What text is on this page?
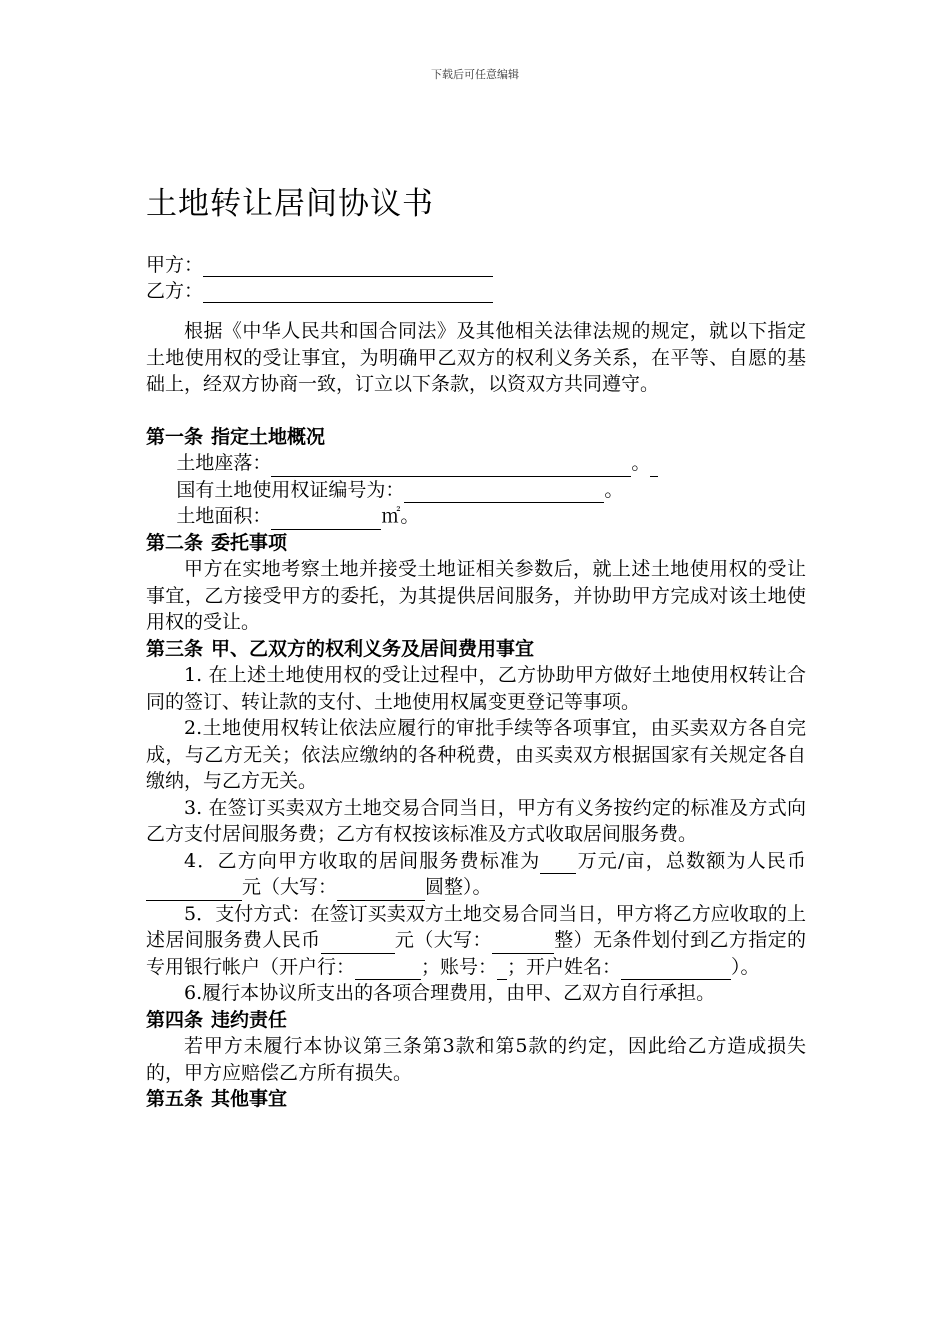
下载后可任意编辑
土地转让居间协议书
甲方：
乙方：

根据《中华人民共和国合同法》及其他相关法律法规的规定，就以下指定土地使用权的受让事宜，为明确甲乙双方的权利义务关系，在平等、自愿的基础上，经双方协商一致，订立以下条款，以资双方共同遵守。

第一条 指定土地概况

土地座落：	。

国有土地使用权证编号为：	。

土地面积：	㎡。

第二条 委托事项

甲方在实地考察土地并接受土地证相关参数后，就上述土地使用权的受让事宜，乙方接受甲方的委托，为其提供居间服务，并协助甲方完成对该土地使用权的受让。

第三条 甲、乙双方的权利义务及居间费用事宜

1. 在上述土地使用权的受让过程中，乙方协助甲方做好土地使用权转让合同的签订、转让款的支付、土地使用权属变更登记等事项。

2.土地使用权转让依法应履行的审批手续等各项事宜，由买卖双方各自完成，与乙方无关；依法应缴纳的各种税费，由买卖双方根据国家有关规定各自缴纳，与乙方无关。

3. 在签订买卖双方土地交易合同当日，甲方有义务按约定的标准及方式向乙方支付居间服务费；乙方有权按该标准及方式收取居间服务费。

4．乙方向甲方收取的居间服务费标准为 万元/亩，总数额为人民币元（大写：	圆整）。

5．支付方式：在签订买卖双方土地交易合同当日，甲方将乙方应收取的上述居间服务费人民币	元（大写：	整）无条件划付到乙方指定的专用银行帐户（开户行：	；账号： ；开户姓名：	）。

6.履行本协议所支出的各项合理费用，由甲、乙双方自行承担。

第四条 违约责任

若甲方未履行本协议第三条第3款和第5款的约定，因此给乙方造成损失的，甲方应赔偿乙方所有损失。

第五条 其他事宜
